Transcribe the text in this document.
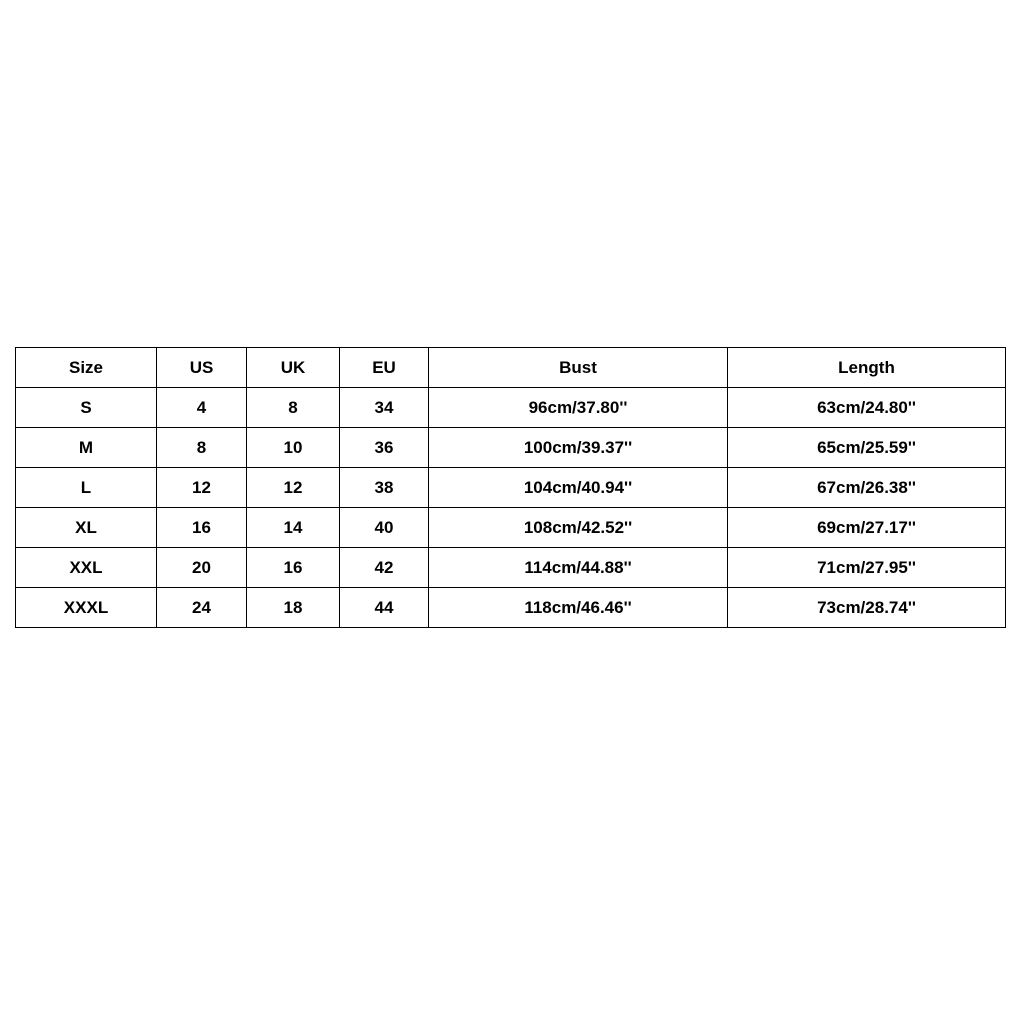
Size	US	UK	EU	Bust	Length
S	4	8	34	96cm/37.80''	63cm/24.80''
M	8	10	36	100cm/39.37''	65cm/25.59''
L	12	12	38	104cm/40.94''	67cm/26.38''
XL	16	14	40	108cm/42.52''	69cm/27.17''
XXL	20	16	42	114cm/44.88''	71cm/27.95''
XXXL	24	18	44	118cm/46.46''	73cm/28.74''
